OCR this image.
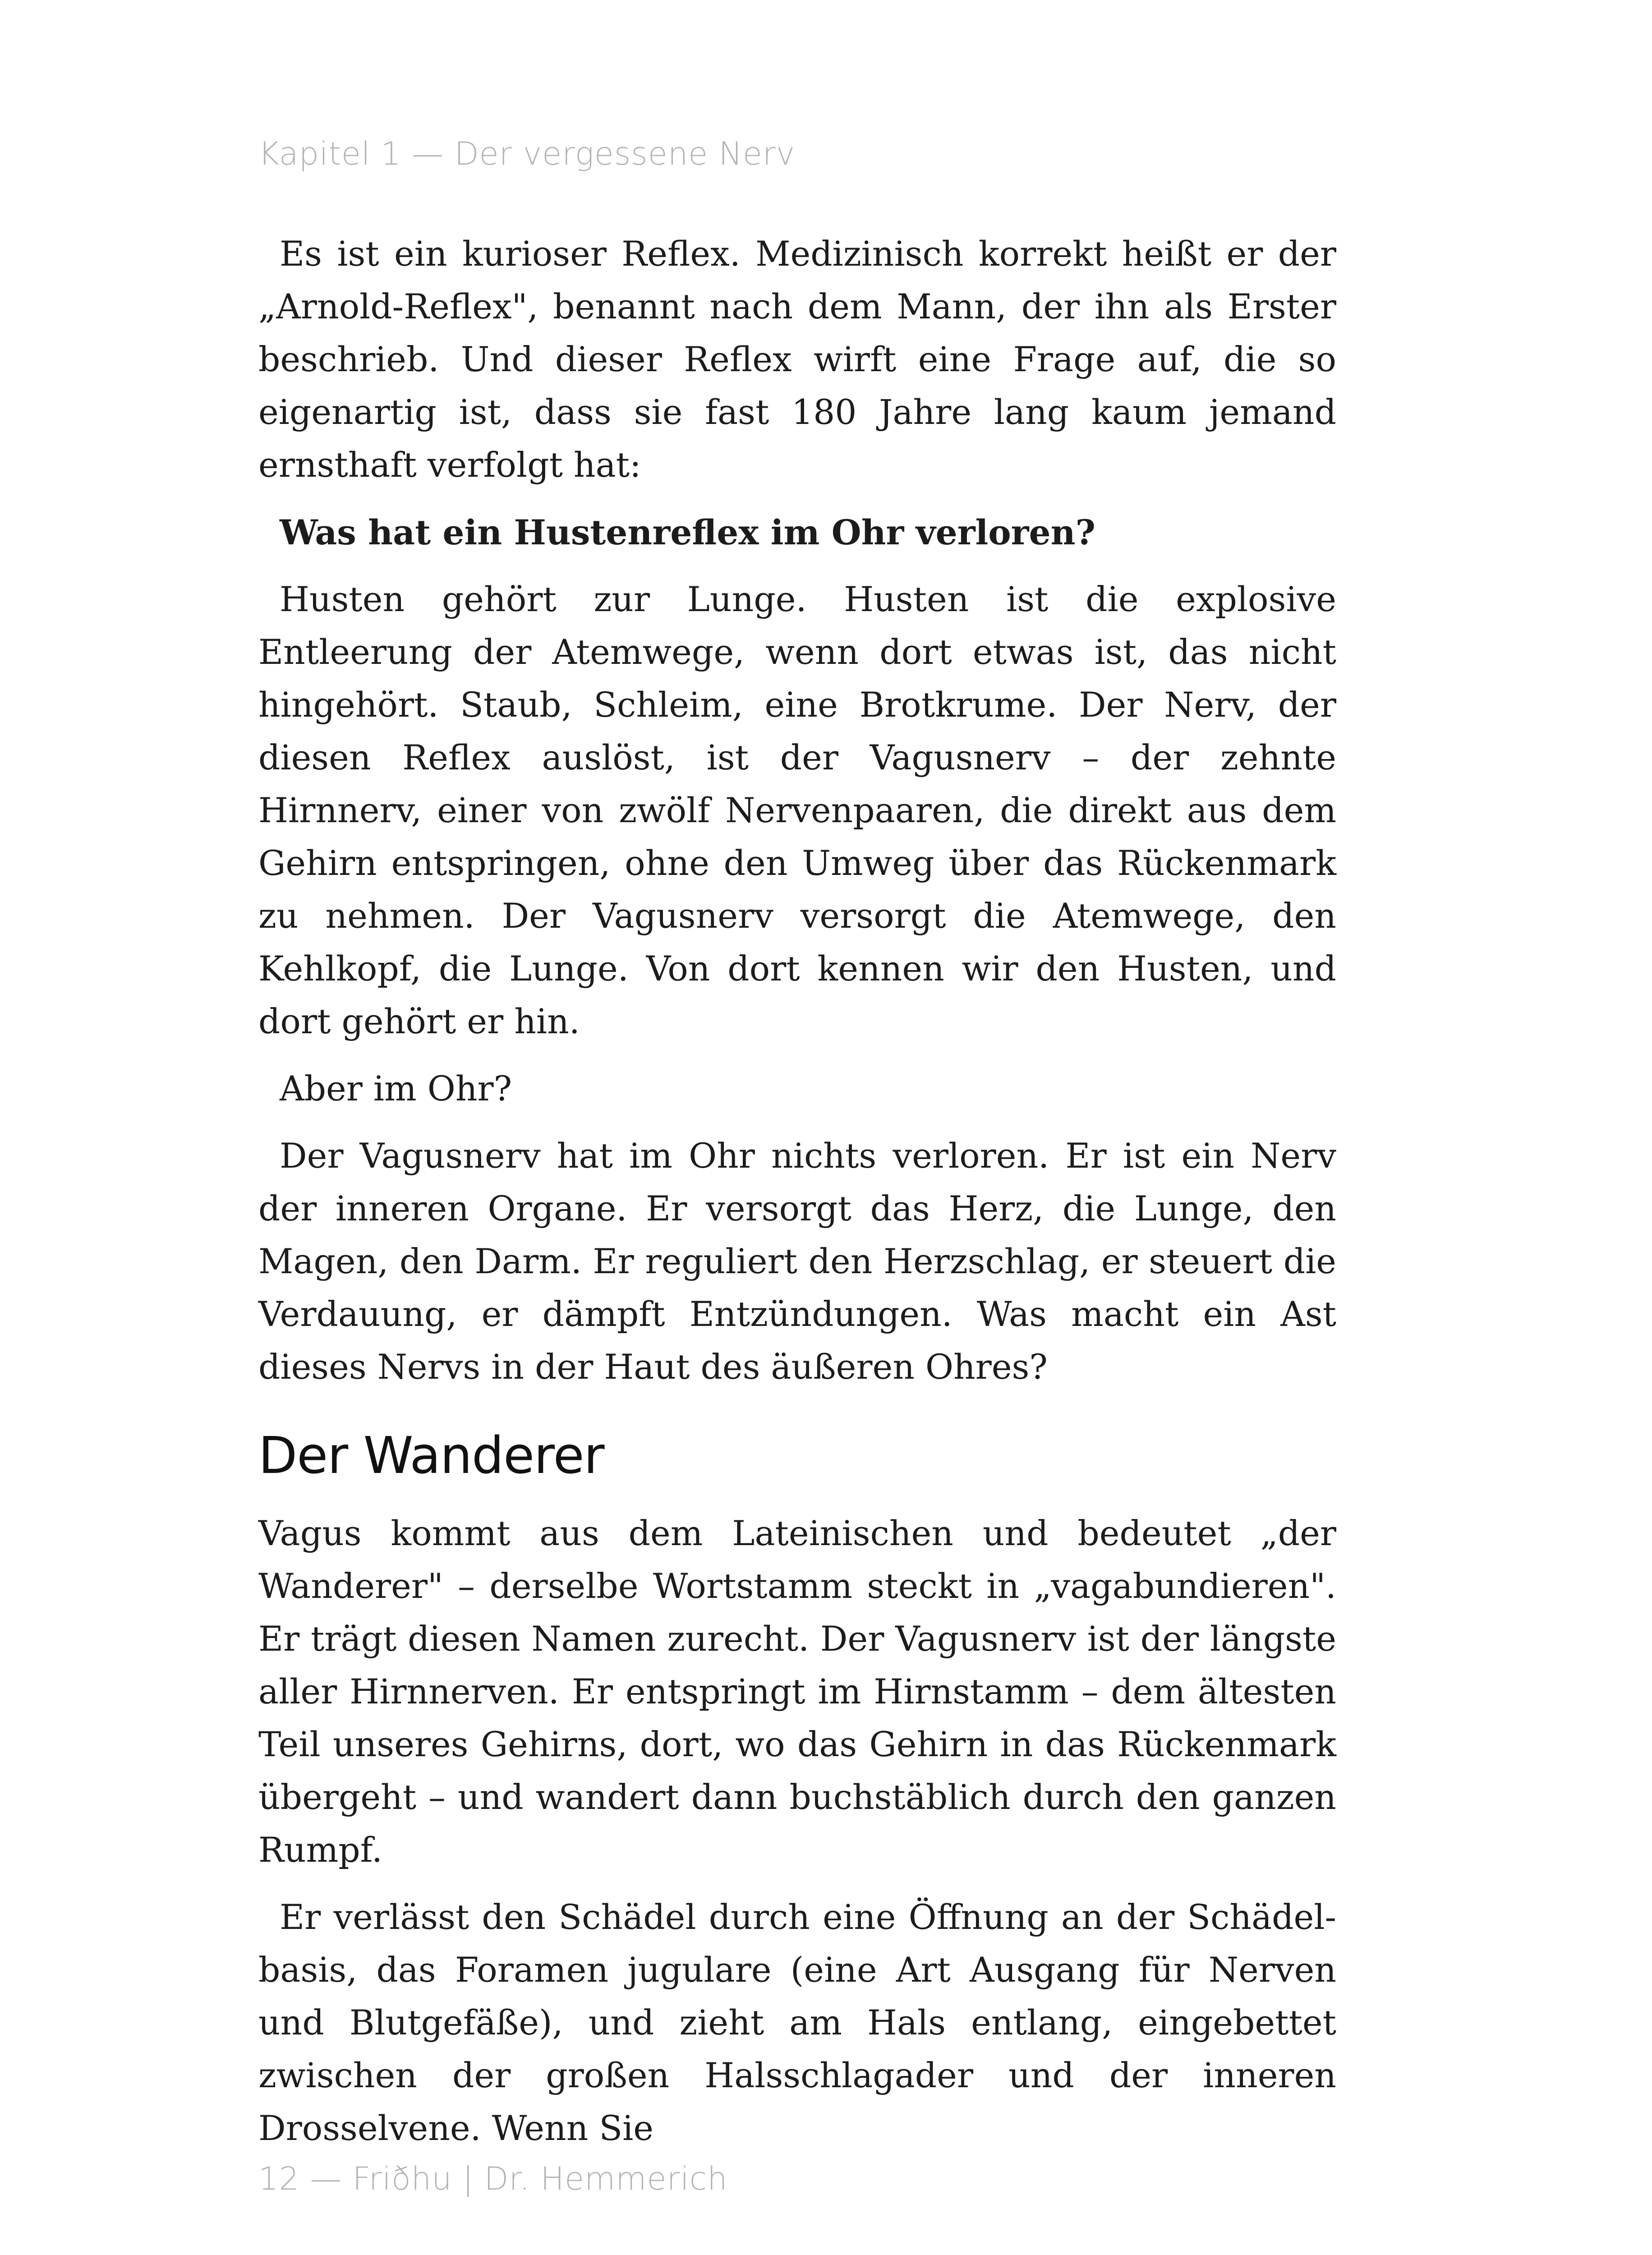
Kapitel 1 — Der vergessene Nerv

Es ist ein kurioser Reflex. Medizinisch korrekt heißt er der „Arnold-Reflex", benannt nach dem Mann, der ihn als Erster beschrieb. Und dieser Reflex wirft eine Frage auf, die so eigenartig ist, dass sie fast 180 Jahre lang kaum jemand ernsthaft verfolgt hat:

Was hat ein Hustenreflex im Ohr verloren?

Husten gehört zur Lunge. Husten ist die explosive Entleerung der Atemwege, wenn dort etwas ist, das nicht hingehört. Staub, Schleim, eine Brotkrume. Der Nerv, der diesen Reflex auslöst, ist der Vagusnerv – der zehnte Hirnnerv, einer von zwölf Nervenpaaren, die direkt aus dem Gehirn entspringen, ohne den Umweg über das Rückenmark zu nehmen. Der Vagusnerv versorgt die Atemwege, den Kehlkopf, die Lunge. Von dort kennen wir den Husten, und dort gehört er hin.

Aber im Ohr?

Der Vagusnerv hat im Ohr nichts verloren. Er ist ein Nerv der inneren Organe. Er versorgt das Herz, die Lunge, den Magen, den Darm. Er reguliert den Herzschlag, er steuert die Verdauung, er dämpft Entzündungen. Was macht ein Ast dieses Nervs in der Haut des äußeren Ohres?

Der Wanderer

Vagus kommt aus dem Lateinischen und bedeutet „der Wanderer" – derselbe Wortstamm steckt in „vagabundieren". Er trägt diesen Namen zurecht. Der Vagusnerv ist der längste aller Hirnnerven. Er entspringt im Hirnstamm – dem ältesten Teil unseres Gehirns, dort, wo das Gehirn in das Rückenmark übergeht – und wandert dann buchstäblich durch den ganzen Rumpf.

Er verlässt den Schädel durch eine Öffnung an der Schädelbasis, das Foramen jugulare (eine Art Ausgang für Nerven und Blutgefäße), und zieht am Hals entlang, eingebettet zwischen der großen Halsschlagader und der inneren Drosselvene. Wenn Sie

12 — Friðhu | Dr. Hemmerich
